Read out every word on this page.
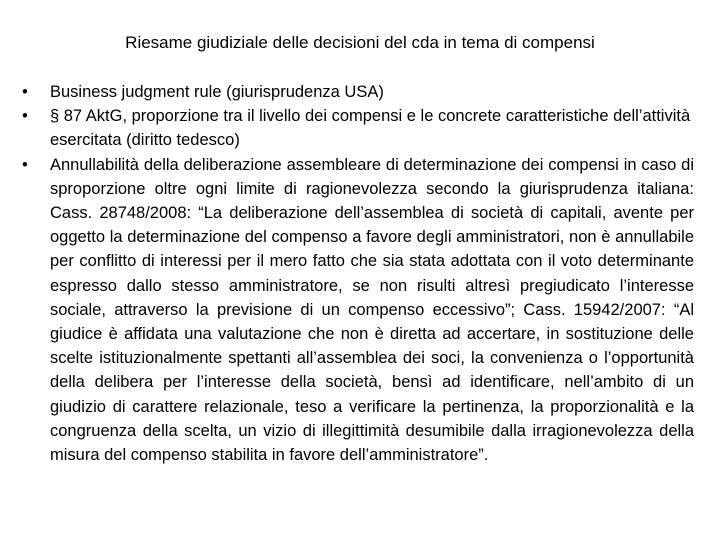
Riesame giudiziale delle decisioni del cda in tema di compensi
• Business judgment rule (giurisprudenza USA)
• § 87 AktG, proporzione tra il livello dei compensi e le concrete caratteristiche dell’attività esercitata (diritto tedesco)
• Annullabilità della deliberazione assembleare di determinazione dei compensi in caso di sproporzione oltre ogni limite di ragionevolezza secondo la giurisprudenza italiana: Cass. 28748/2008: “La deliberazione dell’assemblea di società di capitali, avente per oggetto la determinazione del compenso a favore degli amministratori, non è annullabile per conflitto di interessi per il mero fatto che sia stata adottata con il voto determinante espresso dallo stesso amministratore, se non risulti altresì pregiudicato l’interesse sociale, attraverso la previsione di un compenso eccessivo”; Cass. 15942/2007: “Al giudice è affidata una valutazione che non è diretta ad accertare, in sostituzione delle scelte istituzionalmente spettanti all’assemblea dei soci, la convenienza o l’opportunità della delibera per l’interesse della società, bensì ad identificare, nell’ambito di un giudizio di carattere relazionale, teso a verificare la pertinenza, la proporzionalità e la congruenza della scelta, un vizio di illegittimità desumibile dalla irragionevolezza della misura del compenso stabilita in favore dell’amministratore”.
